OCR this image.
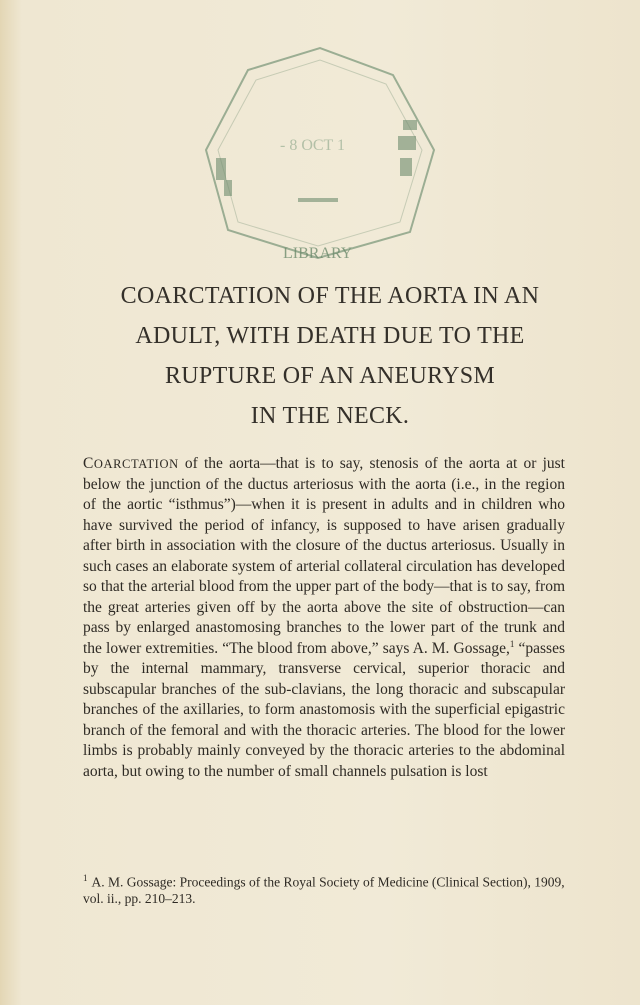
- 8 OCT 1
LIBRARY
COARCTATION OF THE AORTA IN AN
ADULT, WITH DEATH DUE TO THE
RUPTURE OF AN ANEURYSM
IN THE NECK.

COARCTATION of the aorta—that is to say, stenosis of the aorta at or just below the junction of the ductus arteriosus with the aorta (i.e., in the region of the aortic “isthmus”)—when it is present in adults and in children who have survived the period of infancy, is supposed to have arisen gradually after birth in association with the closure of the ductus arteriosus. Usually in such cases an elaborate system of arterial collateral circulation has developed so that the arterial blood from the upper part of the body—that is to say, from the great arteries given off by the aorta above the site of obstruction—can pass by enlarged anastomosing branches to the lower part of the trunk and the lower extremities. “The blood from above,” says A. M. Gossage,$^1$ “passes by the internal mammary, transverse cervical, superior thoracic and subscapular branches of the sub-clavians, the long thoracic and subscapular branches of the axillaries, to form anastomosis with the superficial epigastric branch of the femoral and with the thoracic arteries. The blood for the lower limbs is probably mainly conveyed by the thoracic arteries to the abdominal aorta, but owing to the number of small channels pulsation is lost

$^1$ A. M. Gossage: Proceedings of the Royal Society of Medicine (Clinical Section), 1909, vol. ii., pp. 210–213.
